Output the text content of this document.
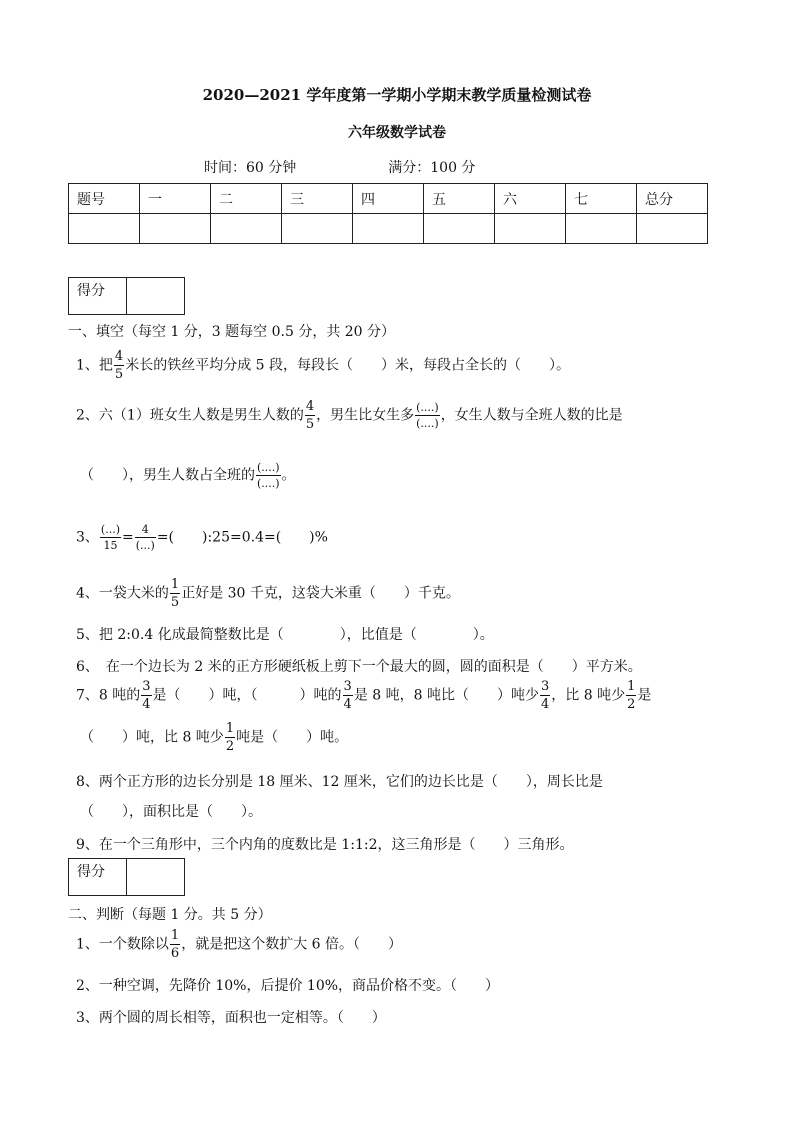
2020—2021 学年度第一学期小学期末教学质量检测试卷
六年级数学试卷
时间：60 分钟	满分：100 分
题号	一	二	三	四	五	六	七	总分

得分
一、填空（每空 1 分，3 题每空 0.5 分，共 20 分）
1、把 $\frac{4}{5}$ 米长的铁丝平均分成 5 段，每段长（　　）米，每段占全长的（　　）。
2、六（1）班女生人数是男生人数的 $\frac{4}{5}$ ，男生比女生多 $\frac{(....)}{(....)}$ ，女生人数与全班人数的比是
（　　），男生人数占全班的 $\frac{(....)}{(....)}$ 。
3、 $\frac{(...)}{15} = \frac{4}{(...)}$ =(　　):25=0.4=(　　)%
4、一袋大米的 $\frac{1}{5}$ 正好是 30 千克，这袋大米重（　　）千克。
5、把 2:0.4 化成最简整数比是（　　　　），比值是（　　　　）。
6、　在一个边长为 2 米的正方形硬纸板上剪下一个最大的圆，圆的面积是（　　）平方米。
7、8 吨的 $\frac{3}{4}$ 是（　　）吨，（　　　）吨的 $\frac{3}{4}$ 是 8 吨，8 吨比（　　）吨少 $\frac{3}{4}$ ，比 8 吨少 $\frac{1}{2}$ 是
（　　）吨，比 8 吨少 $\frac{1}{2}$ 吨是（　　）吨。
8、两个正方形的边长分别是 18 厘米、12 厘米，它们的边长比是（　　），周长比是
（　　），面积比是（　　）。
9、在一个三角形中，三个内角的度数比是 1:1:2，这三角形是（　　）三角形。
得分
二、判断（每题 1 分。共 5 分）
1、一个数除以 $\frac{1}{6}$ ，就是把这个数扩大 6 倍。（　　）
2、一种空调，先降价 10%，后提价 10%，商品价格不变。（　　）
3、两个圆的周长相等，面积也一定相等。（　　）
